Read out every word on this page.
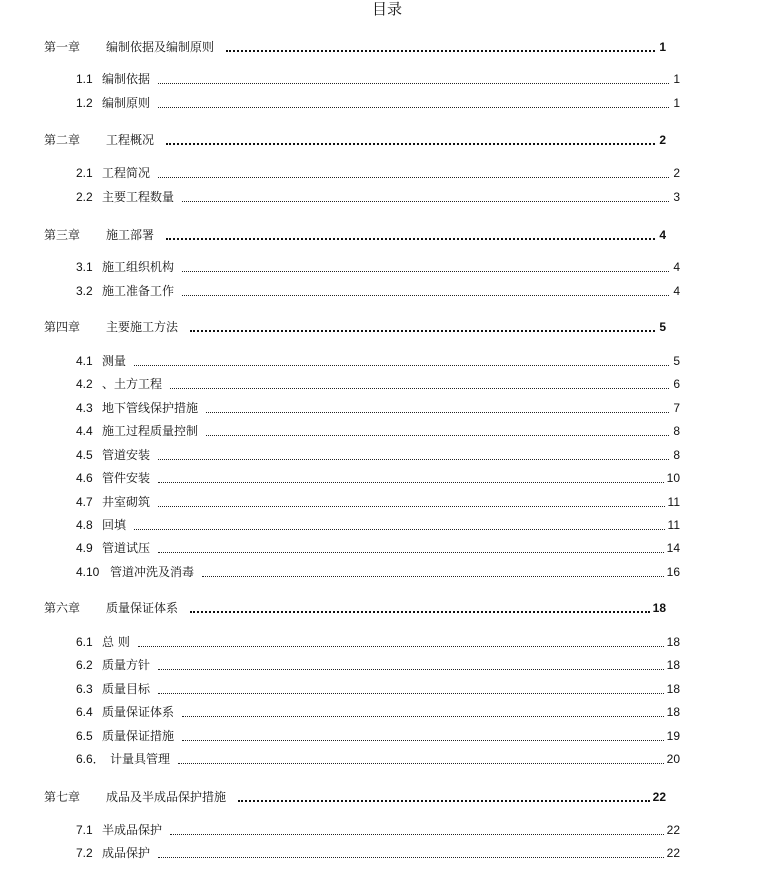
目录
第一章	编制依据及编制原则	1
1.1 编制依据	1
1.2 编制原则	1
第二章	工程概况	2
2.1 工程简况	2
2.2 主要工程数量	3
第三章	施工部署	4
3.1 施工组织机构	4
3.2 施工准备工作	4
第四章	主要施工方法	5
4.1 测量	5
4.2 、土方工程	6
4.3 地下管线保护措施	7
4.4 施工过程质量控制	8
4.5 管道安装	8
4.6 管件安装	10
4.7 井室砌筑	11
4.8 回填	11
4.9 管道试压	14
4.10 管道冲洗及消毒	16
第六章	质量保证体系	18
6.1 总 则	18
6.2 质量方针	18
6.3 质量目标	18
6.4 质量保证体系	18
6.5 质量保证措施	19
6.6． 计量具管理	20
第七章	成品及半成品保护措施	22
7.1 半成品保护	22
7.2 成品保护	22
